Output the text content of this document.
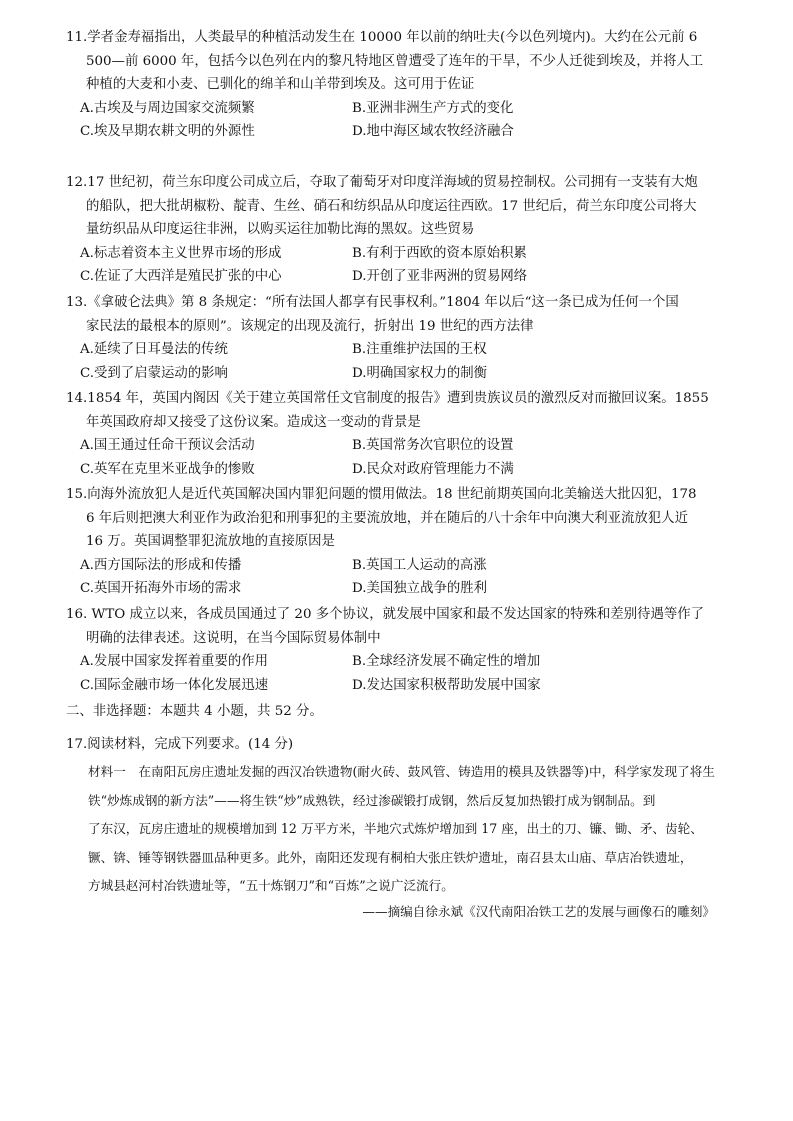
11.学者金寿福指出，人类最早的种植活动发生在 10000 年以前的纳吐夫(今以色列境内)。大约在公元前 6
500—前 6000 年，包括今以色列在内的黎凡特地区曾遭受了连年的干旱，不少人迁徙到埃及，并将人工
种植的大麦和小麦、已驯化的绵羊和山羊带到埃及。这可用于佐证
A.古埃及与周边国家交流频繁	B.亚洲非洲生产方式的变化
C.埃及早期农耕文明的外源性	D.地中海区域农牧经济融合
12.17 世纪初，荷兰东印度公司成立后，夺取了葡萄牙对印度洋海域的贸易控制权。公司拥有一支装有大炮
的船队，把大批胡椒粉、靛青、生丝、硝石和纺织品从印度运往西欧。17 世纪后，荷兰东印度公司将大
量纺织品从印度运往非洲，以购买运往加勒比海的黑奴。这些贸易
A.标志着资本主义世界市场的形成	B.有利于西欧的资本原始积累
C.佐证了大西洋是殖民扩张的中心	D.开创了亚非两洲的贸易网络
13.《拿破仑法典》第 8 条规定：“所有法国人都享有民事权利。”1804 年以后“这一条已成为任何一个国
家民法的最根本的原则”。该规定的出现及流行，折射出 19 世纪的西方法律
A.延续了日耳曼法的传统	B.注重维护法国的王权
C.受到了启蒙运动的影响	D.明确国家权力的制衡
14.1854 年，英国内阁因《关于建立英国常任文官制度的报告》遭到贵族议员的激烈反对而撤回议案。1855
年英国政府却又接受了这份议案。造成这一变动的背景是
A.国王通过任命干预议会活动	B.英国常务次官职位的设置
C.英军在克里米亚战争的惨败	D.民众对政府管理能力不满
15.向海外流放犯人是近代英国解决国内罪犯问题的惯用做法。18 世纪前期英国向北美输送大批囚犯，178
6 年后则把澳大利亚作为政治犯和刑事犯的主要流放地，并在随后的八十余年中向澳大利亚流放犯人近
16 万。英国调整罪犯流放地的直接原因是
A.西方国际法的形成和传播	B.英国工人运动的高涨
C.英国开拓海外市场的需求	D.美国独立战争的胜利
16. WTO 成立以来，各成员国通过了 20 多个协议，就发展中国家和最不发达国家的特殊和差别待遇等作了
明确的法律表述。这说明，在当今国际贸易体制中
A.发展中国家发挥着重要的作用	B.全球经济发展不确定性的增加
C.国际金融市场一体化发展迅速	D.发达国家积极帮助发展中国家
二、非选择题：本题共 4 小题，共 52 分。
17.阅读材料，完成下列要求。(14 分)
材料一　在南阳瓦房庄遗址发掘的西汉冶铁遗物(耐火砖、鼓风管、铸造用的模具及铁器等)中，科学家发现了将生
铁“炒炼成钢的新方法”——将生铁“炒”成熟铁，经过渗碳锻打成钢，然后反复加热锻打成为钢制品。到
了东汉，瓦房庄遗址的规模增加到 12 万平方米，半地穴式炼炉增加到 17 座，出土的刀、镰、锄、矛、齿轮、
镢、锛、锤等钢铁器皿品种更多。此外，南阳还发现有桐柏大张庄铁炉遗址，南召县太山庙、草店冶铁遗址，
方城县赵河村冶铁遗址等，“五十炼钢刀”和“百炼”之说广泛流行。
——摘编自徐永斌《汉代南阳冶铁工艺的发展与画像石的雕刻》
